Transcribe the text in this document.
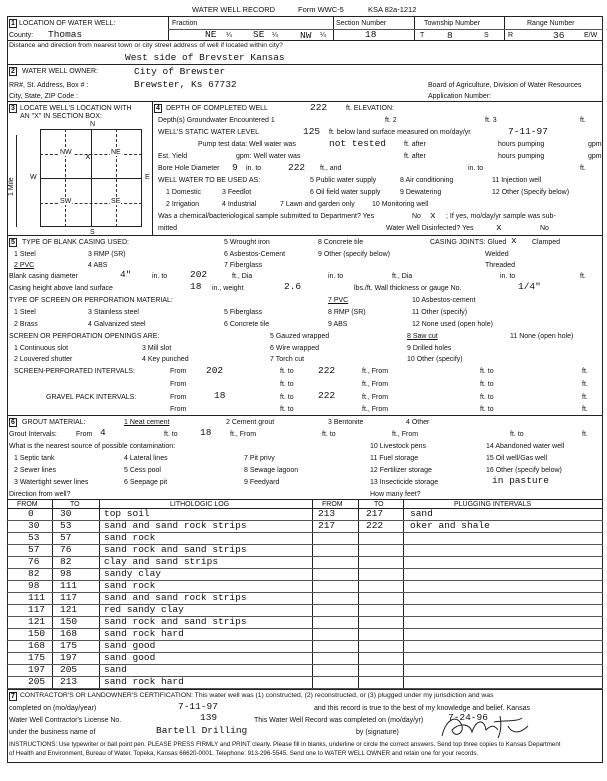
WATER WELL RECORD	Form WWC-5	KSA 82a-1212
1 LOCATION OF WATER WELL:	Fraction	Section Number	Township Number	Range Number
County: Thomas	NE ¼ SE ¼ NW ¼	18	T 8	S	R	36	E/W
Distance and direction from nearest town or city street address of well if located within city?
West side of Brevster Kansas
2 WATER WELL OWNER:	City of Brewster
RR#, St. Address, Box # :	Brewster, Ks 67732
City, State, ZIP Code :
Board of Agriculture, Division of Water Resources
Application Number:
3 LOCATE WELL'S LOCATION WITH
AN "X" IN SECTION BOX:
N
S
W	E
1 Mile
NW	NE
SW	SE
x
4 DEPTH OF COMPLETED WELL	222	ft. ELEVATION:
Depth(s) Groundwater Encountered 1	ft. 2	ft. 3	ft.
WELL'S STATIC WATER LEVEL	125 ft. below land surface measured on mo/day/yr	7-11-97
Pump test data: Well water was	not tested	ft. after	hours pumping	gpm
Est. Yield	gpm: Well water was	ft. after	hours pumping	gpm
Bore Hole Diameter 9 in. to	222 ft., and	in. to	ft.
WELL WATER TO BE USED AS:	5 Public water supply	8 Air conditioning	11 Injection well
1 Domestic	3 Feedlot	6 Oil field water supply	9 Dewatering	12 Other (Specify below)
2 Irrigation	4 Industrial	7 Lawn and garden only 10 Monitoring well
Was a chemical/bacteriological sample submitted to Department? Yes	No x ; If yes, mo/day/yr sample was sub-
mitted	Water Well Disinfected? Yes x	No
5 TYPE OF BLANK CASING USED:
1 Steel	3 RMP (SR)
5 Wrought iron
6 Asbestos-Cement
7 Fiberglass
8 Concrete tile
9 Other (specify below)
2 PVC	4 ABS
CASING JOINTS: Glued x Clamped
Welded
Threaded
Blank casing diameter	4"	in. to 202	ft., Dia	in. to	ft., Dia	in. to	ft.
Casing height above land surface	18 in., weight	2.6	lbs./ft. Wall thickness or gauge No.	1/4"
TYPE OF SCREEN OR PERFORATION MATERIAL:
1 Steel	3 Stainless steel	5 Fiberglass
7 PVC	10 Asbestos-cement
8 RMP (SR)	11 Other (specify)
2 Brass	4 Galvanized steel	6 Concrete tile	9 ABS	12 None used (open hole)
SCREEN OR PERFORATION OPENINGS ARE:	5 Gauzed wrapped	8 Saw cut	11 None (open hole)
1 Continuous slot	3 Mill slot	6 Wire wrapped	9 Drilled holes
2 Louvered shutter	4 Key punched	7 Torch cut	10 Other (specify)
SCREEN-PERFORATED INTERVALS:	From 202	ft. to	222	ft., From	ft. to	ft.
From	ft. to	ft., From	ft. to	ft.
GRAVEL PACK INTERVALS:	From	18	ft. to	222	ft., From	ft. to	ft.
From	ft. to	ft., From	ft. to	ft.
6 GROUT MATERIAL:	1 Neat cement	2 Cement grout	3 Bentonite	4 Other
Grout Intervals:	From 4	ft. to 18	ft., From	ft. to	ft., From	ft. to	ft.
What is the nearest source of possible contamination:	10 Livestock pens	14 Abandoned water well
1 Septic tank	4 Lateral lines	7 Pit privy	11 Fuel storage	15 Oil well/Gas well
2 Sewer lines	5 Cess pool	8 Sewage lagoon	12 Fertilizer storage	16 Other (specify below)
3 Watertight sewer lines	6 Seepage pit	9 Feedyard	13 Insecticide storage	in pasture
Direction from well?	How many feet?
FROM	TO	LITHOLOGIC LOG	FROM	TO	PLUGGING INTERVALS
0	30	top soil	213	217	sand
30 53	sand and sand rock strips	217	222	oker and shale
53 57	sand rock
57 76	sand rock and sand strips
76 82	clay and sand strips
82 98	sandy clay
98 111	sand rock
111 117	sand and sand rock strips
117 121	red sandy clay
121 150	sand rock and sand strips
150 168	sand rock hard
168 175	sand good
175 197	sand good
197 205	sand
205 213	sand rock hard
7 CONTRACTOR'S OR LANDOWNER'S CERTIFICATION: This water well was (1) constructed, (2) reconstructed, or (3) plugged under my jurisdiction and was
completed on (mo/day/year)	7-11-97	and this record is true to the best of my knowledge and belief. Kansas
Water Well Contractor's License No.	139	This Water Well Record was completed on (mo/day/yr)	7-24-96
under the business name of	Bartell Drilling	by (signature)
INSTRUCTIONS: Use typewriter or ball point pen. PLEASE PRESS FIRMLY and PRINT clearly. Please fill in blanks, underline or circle the correct answers. Send top three copies to Kansas Department
of Health and Environment, Bureau of Water, Topeka, Kansas 66620-0001. Telephone: 913-296-5545. Send one to WATER WELL OWNER and retain one for your records.
